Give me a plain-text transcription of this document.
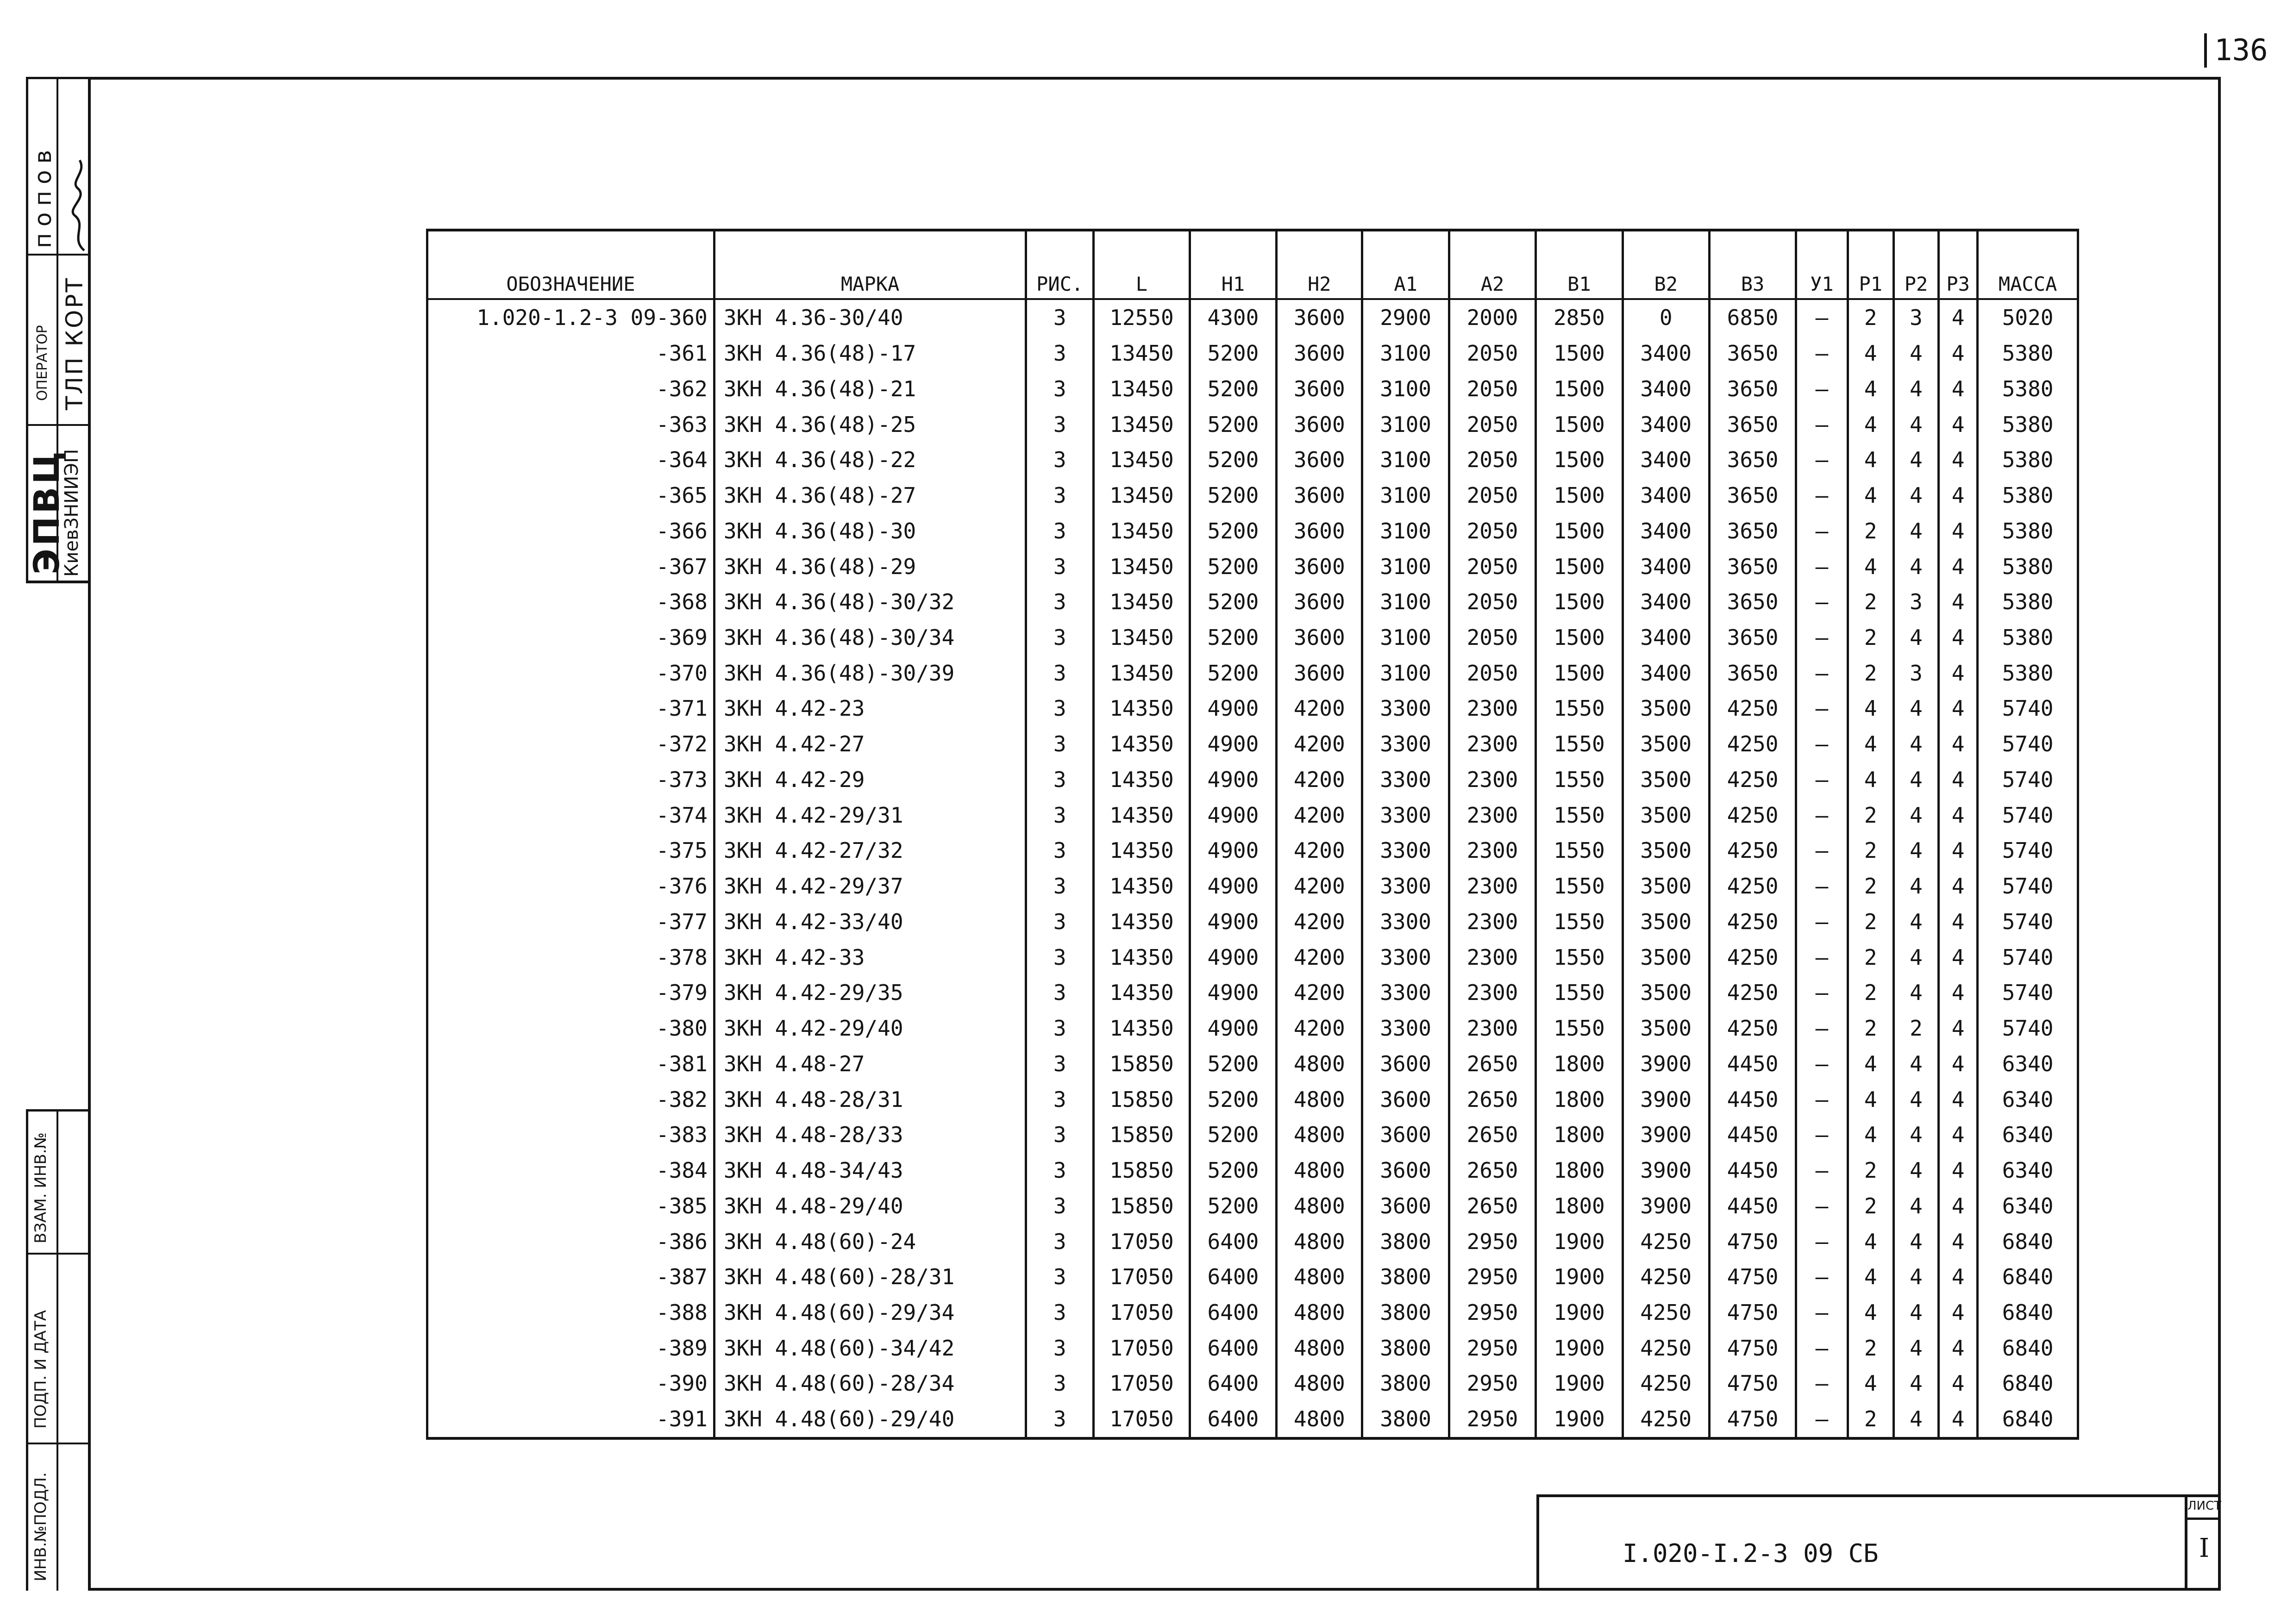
136
попов
ОПЕРАТОР ТЛП КОРТ
ЭПВЦ
КиевЗНИИЭП
ВЗАМ. ИНВ.№
ПОДП. И ДАТА
ИНВ.№ПОДЛ.
ОБОЗНАЧЕНИЕ	МАРКА	РИС.	L	Н1	Н2	А1	А2	В1	В2	В3	У1	Р1	Р2	Р3	МАССА
1.020-1.2-3 09-360	ЗКН 4.36-30/40	3	12550	4300	3600	2900	2000	2850	0	6850	–	2	3	4	5020
-361	ЗКН 4.36(48)-17	3	13450	5200	3600	3100	2050	1500	3400	3650	–	4	4	4	5380
-362	ЗКН 4.36(48)-21	3	13450	5200	3600	3100	2050	1500	3400	3650	–	4	4	4	5380
-363	ЗКН 4.36(48)-25	3	13450	5200	3600	3100	2050	1500	3400	3650	–	4	4	4	5380
-364	ЗКН 4.36(48)-22	3	13450	5200	3600	3100	2050	1500	3400	3650	–	4	4	4	5380
-365	ЗКН 4.36(48)-27	3	13450	5200	3600	3100	2050	1500	3400	3650	–	4	4	4	5380
-366	ЗКН 4.36(48)-30	3	13450	5200	3600	3100	2050	1500	3400	3650	–	2	4	4	5380
-367	ЗКН 4.36(48)-29	3	13450	5200	3600	3100	2050	1500	3400	3650	–	4	4	4	5380
-368	ЗКН 4.36(48)-30/32	3	13450	5200	3600	3100	2050	1500	3400	3650	–	2	3	4	5380
-369	ЗКН 4.36(48)-30/34	3	13450	5200	3600	3100	2050	1500	3400	3650	–	2	4	4	5380
-370	ЗКН 4.36(48)-30/39	3	13450	5200	3600	3100	2050	1500	3400	3650	–	2	3	4	5380
-371	ЗКН 4.42-23	3	14350	4900	4200	3300	2300	1550	3500	4250	–	4	4	4	5740
-372	ЗКН 4.42-27	3	14350	4900	4200	3300	2300	1550	3500	4250	–	4	4	4	5740
-373	ЗКН 4.42-29	3	14350	4900	4200	3300	2300	1550	3500	4250	–	4	4	4	5740
-374	ЗКН 4.42-29/31	3	14350	4900	4200	3300	2300	1550	3500	4250	–	2	4	4	5740
-375	ЗКН 4.42-27/32	3	14350	4900	4200	3300	2300	1550	3500	4250	–	2	4	4	5740
-376	ЗКН 4.42-29/37	3	14350	4900	4200	3300	2300	1550	3500	4250	–	2	4	4	5740
-377	ЗКН 4.42-33/40	3	14350	4900	4200	3300	2300	1550	3500	4250	–	2	4	4	5740
-378	ЗКН 4.42-33	3	14350	4900	4200	3300	2300	1550	3500	4250	–	2	4	4	5740
-379	ЗКН 4.42-29/35	3	14350	4900	4200	3300	2300	1550	3500	4250	–	2	4	4	5740
-380	ЗКН 4.42-29/40	3	14350	4900	4200	3300	2300	1550	3500	4250	–	2	2	4	5740
-381	ЗКН 4.48-27	3	15850	5200	4800	3600	2650	1800	3900	4450	–	4	4	4	6340
-382	ЗКН 4.48-28/31	3	15850	5200	4800	3600	2650	1800	3900	4450	–	4	4	4	6340
-383	ЗКН 4.48-28/33	3	15850	5200	4800	3600	2650	1800	3900	4450	–	4	4	4	6340
-384	ЗКН 4.48-34/43	3	15850	5200	4800	3600	2650	1800	3900	4450	–	2	4	4	6340
-385	ЗКН 4.48-29/40	3	15850	5200	4800	3600	2650	1800	3900	4450	–	2	4	4	6340
-386	ЗКН 4.48(60)-24	3	17050	6400	4800	3800	2950	1900	4250	4750	–	4	4	4	6840
-387	ЗКН 4.48(60)-28/31	3	17050	6400	4800	3800	2950	1900	4250	4750	–	4	4	4	6840
-388	ЗКН 4.48(60)-29/34	3	17050	6400	4800	3800	2950	1900	4250	4750	–	4	4	4	6840
-389	ЗКН 4.48(60)-34/42	3	17050	6400	4800	3800	2950	1900	4250	4750	–	2	4	4	6840
-390	ЗКН 4.48(60)-28/34	3	17050	6400	4800	3800	2950	1900	4250	4750	–	4	4	4	6840
-391	ЗКН 4.48(60)-29/40	3	17050	6400	4800	3800	2950	1900	4250	4750	–	2	4	4	6840
I.020-I.2-3 09 СБ
ЛИСТ
I
